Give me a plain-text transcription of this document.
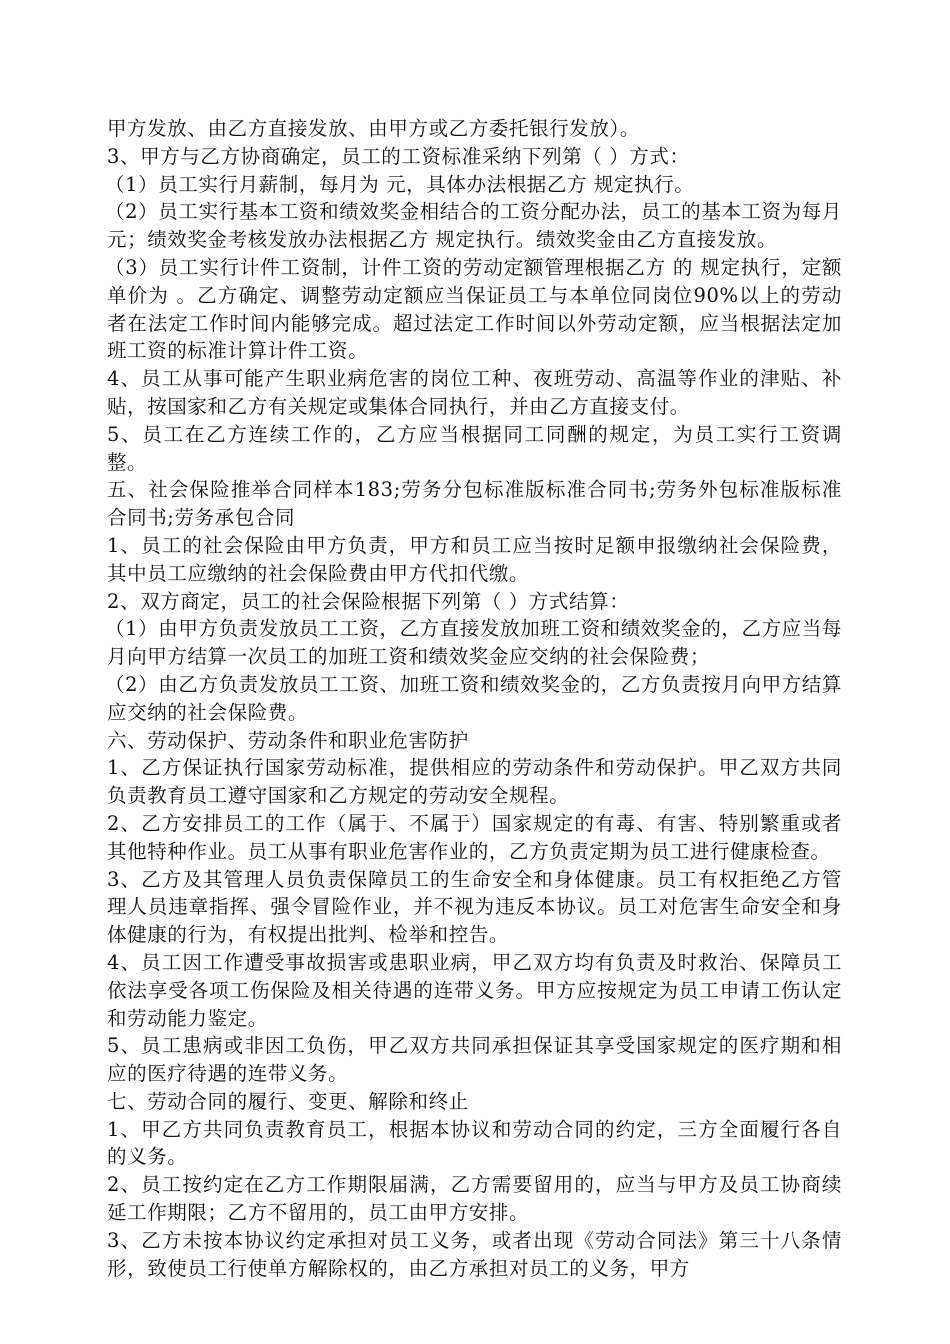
甲方发放、由乙方直接发放、由甲方或乙方委托银行发放）。

3、甲方与乙方协商确定，员工的工资标准采纳下列第（ ）方式：

（1）员工实行月薪制，每月为 元，具体办法根据乙方 规定执行。

（2）员工实行基本工资和绩效奖金相结合的工资分配办法，员工的基本工资为每月 元；绩效奖金考核发放办法根据乙方 规定执行。绩效奖金由乙方直接发放。

（3）员工实行计件工资制，计件工资的劳动定额管理根据乙方 的 规定执行，定额单价为 。乙方确定、调整劳动定额应当保证员工与本单位同岗位90%以上的劳动者在法定工作时间内能够完成。超过法定工作时间以外劳动定额，应当根据法定加班工资的标准计算计件工资。

4、员工从事可能产生职业病危害的岗位工种、夜班劳动、高温等作业的津贴、补贴，按国家和乙方有关规定或集体合同执行，并由乙方直接支付。

5、员工在乙方连续工作的，乙方应当根据同工同酬的规定，为员工实行工资调整。

五、社会保险推举合同样本183;劳务分包标准版标准合同书;劳务外包标准版标准合同书;劳务承包合同

1、员工的社会保险由甲方负责，甲方和员工应当按时足额申报缴纳社会保险费，其中员工应缴纳的社会保险费由甲方代扣代缴。

2、双方商定，员工的社会保险根据下列第（ ）方式结算：

（1）由甲方负责发放员工工资，乙方直接发放加班工资和绩效奖金的，乙方应当每月向甲方结算一次员工的加班工资和绩效奖金应交纳的社会保险费；

（2）由乙方负责发放员工工资、加班工资和绩效奖金的，乙方负责按月向甲方结算应交纳的社会保险费。

六、劳动保护、劳动条件和职业危害防护

1、乙方保证执行国家劳动标准，提供相应的劳动条件和劳动保护。甲乙双方共同负责教育员工遵守国家和乙方规定的劳动安全规程。

2、乙方安排员工的工作（属于、不属于）国家规定的有毒、有害、特别繁重或者其他特种作业。员工从事有职业危害作业的，乙方负责定期为员工进行健康检查。

3、乙方及其管理人员负责保障员工的生命安全和身体健康。员工有权拒绝乙方管理人员违章指挥、强令冒险作业，并不视为违反本协议。员工对危害生命安全和身体健康的行为，有权提出批判、检举和控告。

4、员工因工作遭受事故损害或患职业病，甲乙双方均有负责及时救治、保障员工依法享受各项工伤保险及相关待遇的连带义务。甲方应按规定为员工申请工伤认定和劳动能力鉴定。

5、员工患病或非因工负伤，甲乙双方共同承担保证其享受国家规定的医疗期和相应的医疗待遇的连带义务。

七、劳动合同的履行、变更、解除和终止

1、甲乙方共同负责教育员工，根据本协议和劳动合同的约定，三方全面履行各自的义务。

2、员工按约定在乙方工作期限届满，乙方需要留用的，应当与甲方及员工协商续延工作期限；乙方不留用的，员工由甲方安排。

3、乙方未按本协议约定承担对员工义务，或者出现《劳动合同法》第三十八条情形，致使员工行使单方解除权的，由乙方承担对员工的义务，甲方
